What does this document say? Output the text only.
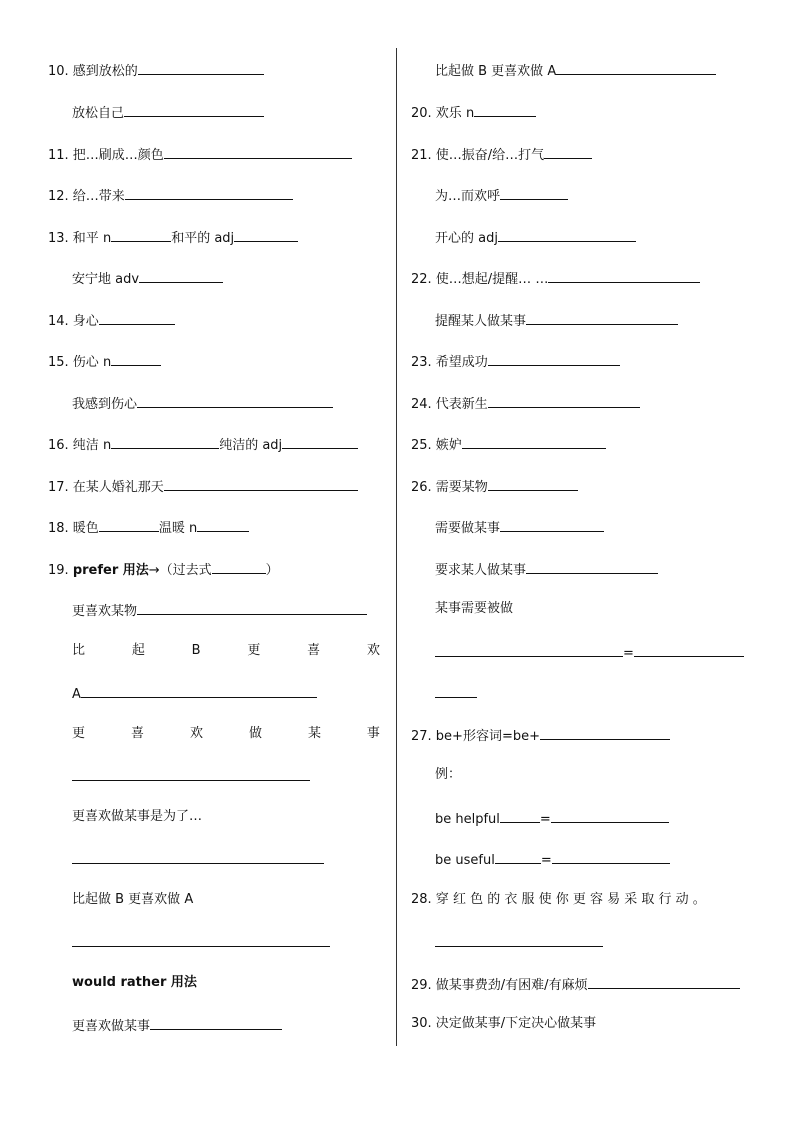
10. 感到放松的
放松自己
11. 把…刷成…颜色
12. 给…带来
13. 和平 n	和平的 adj
安宁地 adv
14. 身心
15. 伤心 n
我感到伤心
16. 纯洁 n	纯洁的 adj
17. 在某人婚礼那天
18. 暖色	温暖 n
19. prefer 用法→（过去式	）
更喜欢某物
比	起	B	更	喜	欢
A
更	喜	欢	做	某	事
更喜欢做某事是为了…
比起做 B 更喜欢做 A
would rather 用法
更喜欢做某事
比起做 B 更喜欢做 A
20. 欢乐 n
21. 使…振奋/给…打气
为…而欢呼
开心的 adj
22. 使…想起/提醒… …
提醒某人做某事
23. 希望成功
24. 代表新生
25. 嫉妒
26. 需要某物
需要做某事
要求某人做某事
某事需要被做
=
27. be+形容词=be+
例：
be helpful	=
be useful	=
28. 穿 红 色 的 衣 服 使 你 更 容 易 采 取 行 动 。
29. 做某事费劲/有困难/有麻烦
30. 决定做某事/下定决心做某事
